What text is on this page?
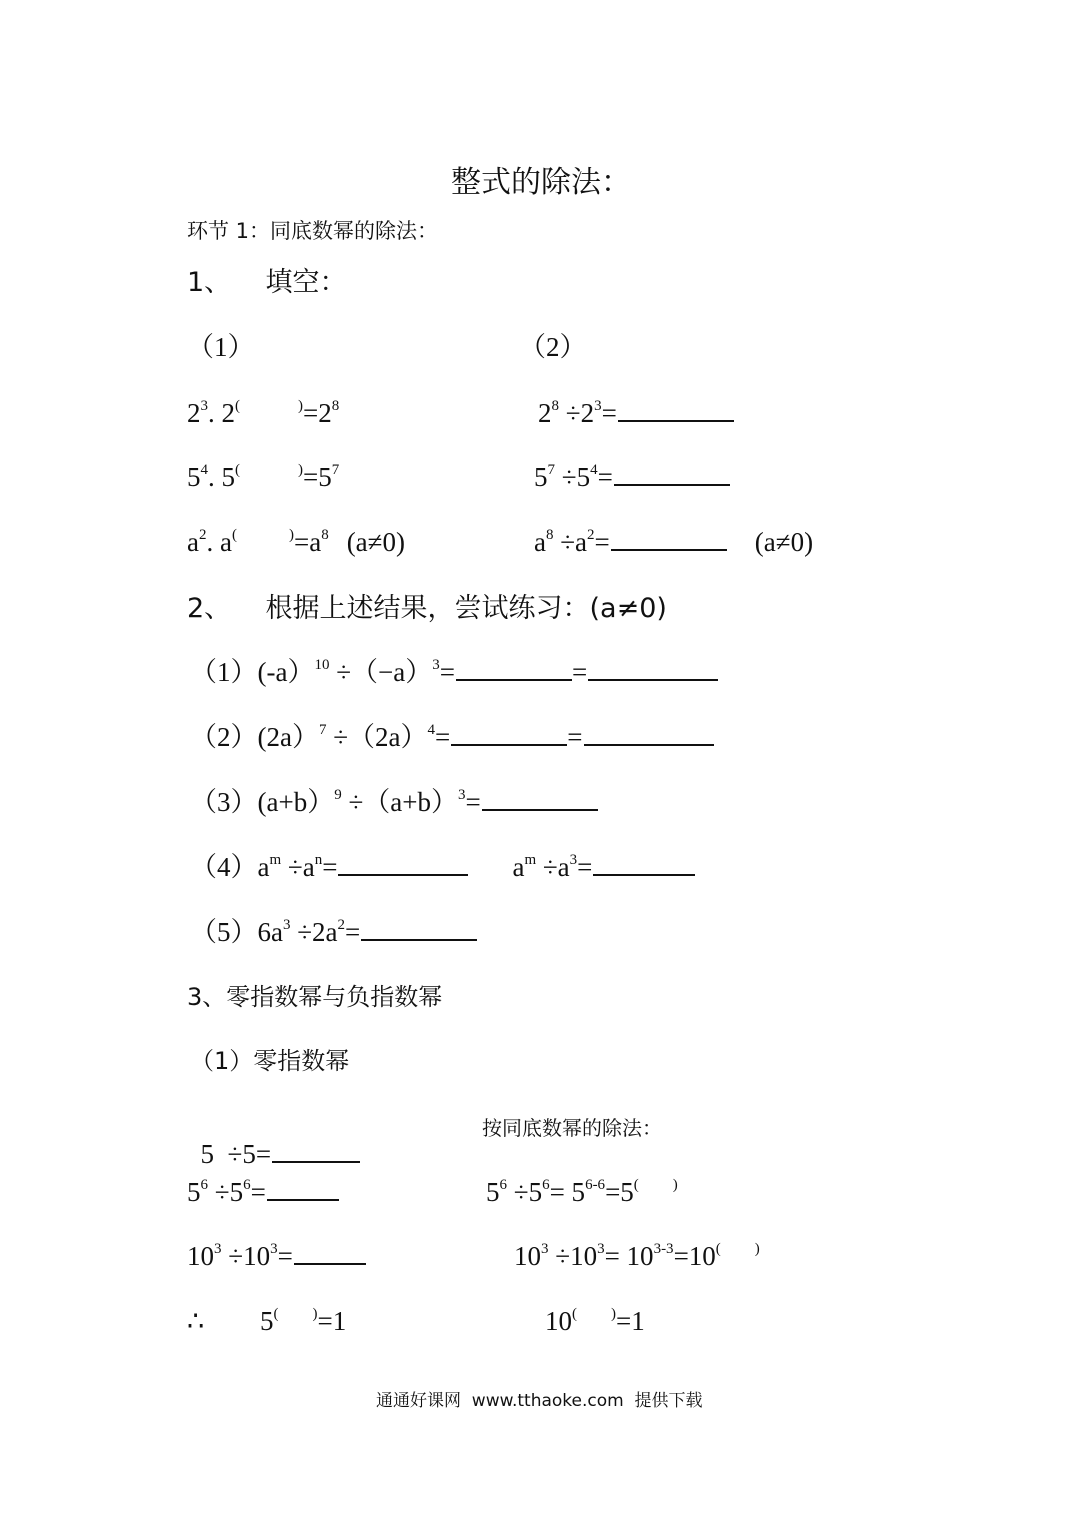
整式的除法：
环节 1：同底数幂的除法：
1、    填空：
（1）	（2）
$2^3$. 2(	$^)=2^8$	$2^8 \div 2^3=$
$5^4$. 5(	$^)=5^7$	$5^7 \div 5^4=$
$a^2$. a(	$^)=a^8$ (a≠0)	$a^8 \div a^2=$	(a≠0)
2、    根据上述结果，尝试练习：(a≠0)
$(1)(-a)^{10} \div(-a)^3=$	=
$(2)(2a)^7 \div(2a)^4=$	=
$(3)(a+b)^9 \div(a+b)^3=$
$(4)a^m \div a^n=$	$a^m \div a^3=$
$(5)6a^3 \div 2a^2=$
3、零指数幂与负指数幂
（1）零指数幂

5  ÷5=

按同底数幂的除法：
$5^6 \div 5^6=$	$5^6 \div 5^6= 5^{6-6}=5^($ )
$10^3 \div 10^3=$	$10^3 \div 10^3= 10^{3-3}=10^($ )
∴ 5( )=1	10( )=1
通通好课网  www.tthaoke.com  提供下载
